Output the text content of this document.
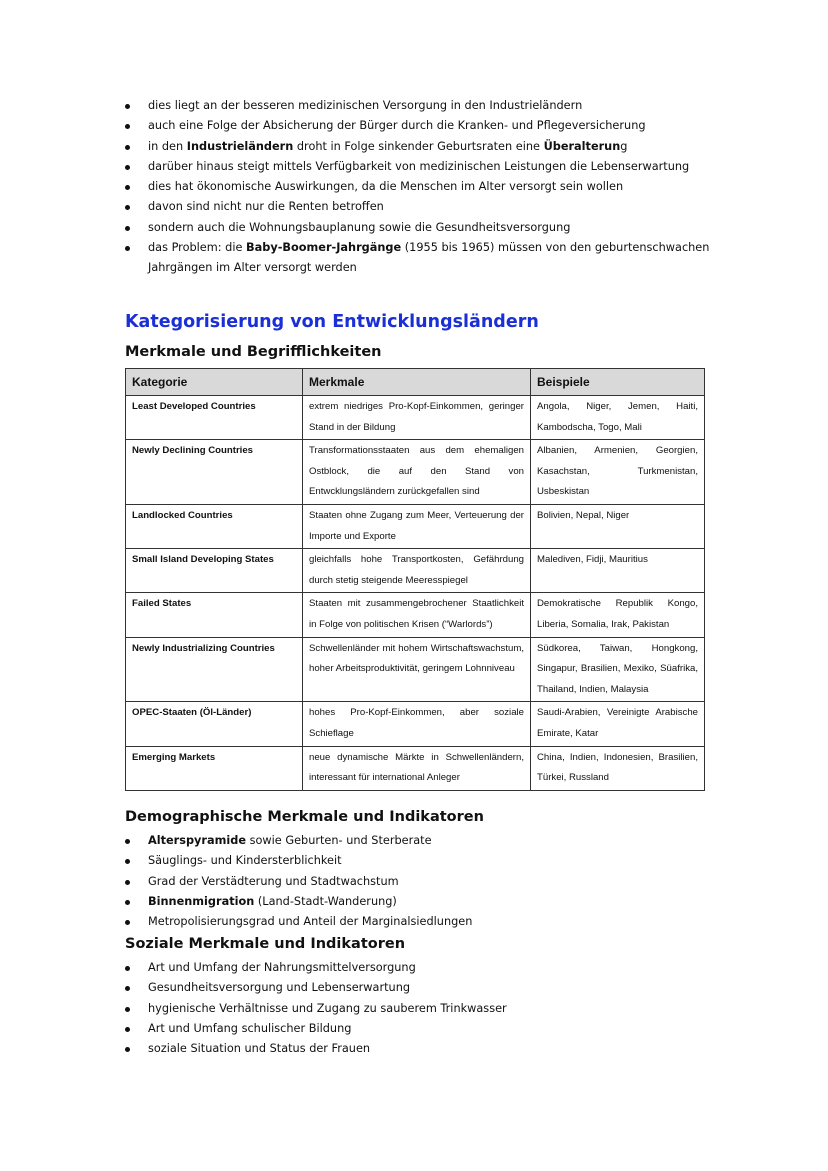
dies liegt an der besseren medizinischen Versorgung in den Industrieländern
auch eine Folge der Absicherung der Bürger durch die Kranken- und Pflegeversicherung
in den Industrieländern droht in Folge sinkender Geburtsraten eine Überalterung
darüber hinaus steigt mittels Verfügbarkeit von medizinischen Leistungen die Lebenserwartung
dies hat ökonomische Auswirkungen, da die Menschen im Alter versorgt sein wollen
davon sind nicht nur die Renten betroffen
sondern auch die Wohnungsbauplanung sowie die Gesundheitsversorgung
das Problem: die Baby-Boomer-Jahrgänge (1955 bis 1965) müssen von den geburtenschwachen Jahrgängen im Alter versorgt werden
Kategorisierung von Entwicklungsländern
Merkmale und Begrifflichkeiten
Kategorie	Merkmale	Beispiele
Least Developed Countries	extrem niedriges Pro-Kopf-Einkommen, geringer Stand in der Bildung	Angola, Niger, Jemen, Haiti, Kambodscha, Togo, Mali
Newly Declining Countries	Transformationsstaaten aus dem ehemaligen Ostblock, die auf den Stand von Entwcklungsländern zurückgefallen sind	Albanien, Armenien, Georgien, Kasachstan, Turkmenistan, Usbeskistan
Landlocked Countries	Staaten ohne Zugang zum Meer, Verteuerung der Importe und Exporte	Bolivien, Nepal, Niger
Small Island Developing States	gleichfalls hohe Transportkosten, Gefährdung durch stetig steigende Meeresspiegel	Malediven, Fidji, Mauritius
Failed States	Staaten mit zusammengebrochener Staatlichkeit in Folge von politischen Krisen (“Warlords”)	Demokratische Republik Kongo, Liberia, Somalia, Irak, Pakistan
Newly Industrializing Countries	Schwellenländer mit hohem Wirtschaftswachstum, hoher Arbeitsproduktivität, geringem Lohnniveau	Südkorea, Taiwan, Hongkong, Singapur, Brasilien, Mexiko, Süafrika, Thailand, Indien, Malaysia
OPEC-Staaten (Öl-Länder)	hohes Pro-Kopf-Einkommen, aber soziale Schieflage	Saudi-Arabien, Vereinigte Arabische Emirate, Katar
Emerging Markets	neue dynamische Märkte in Schwellenländern, interessant für international Anleger	China, Indien, Indonesien, Brasilien, Türkei, Russland
Demographische Merkmale und Indikatoren
Alterspyramide sowie Geburten- und Sterberate
Säuglings- und Kindersterblichkeit
Grad der Verstädterung und Stadtwachstum
Binnenmigration (Land-Stadt-Wanderung)
Metropolisierungsgrad und Anteil der Marginalsiedlungen
Soziale Merkmale und Indikatoren
Art und Umfang der Nahrungsmittelversorgung
Gesundheitsversorgung und Lebenserwartung
hygienische Verhältnisse und Zugang zu sauberem Trinkwasser
Art und Umfang schulischer Bildung
soziale Situation und Status der Frauen
